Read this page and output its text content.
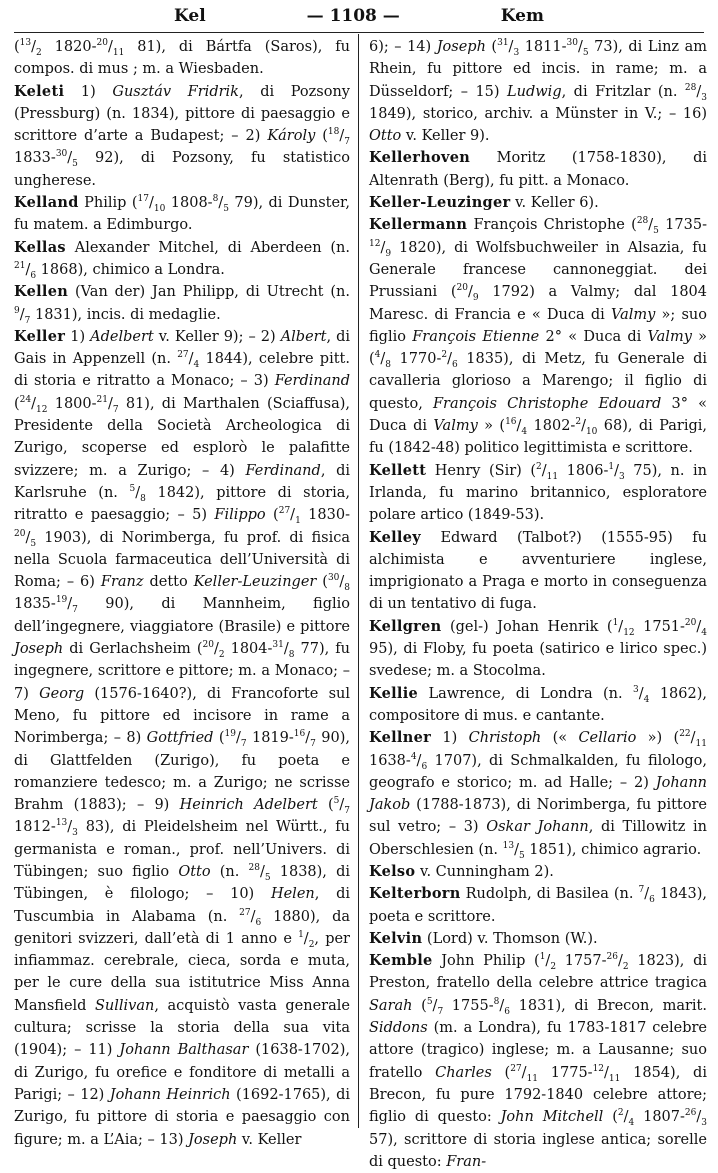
Kel	— 1108 —	Kem

($^{13}/_2$ $1820-^{20}/_{11}$ 81), di Bártfa (Saros), fu compos. di mus ; m. a Wiesbaden.

Keleti 1) Gusztáv Fridrik, di Pozsony (Pressburg) (n. 1834), pittore di paesaggio e scrittore d’arte a Budapest; – 2) Károly ($^{18}/_7$ $1833-^{30}/_5$ 92), di Pozsony, fu statistico ungherese.

Kelland Philip ($^{17}/_{10}$ $1808-^8/_5$ 79), di Dunster, fu matem. a Edimburgo.

Kellas Alexander Mitchel, di Aberdeen (n. $^{21}/_6$ 1868), chimico a Londra.

Kellen (Van der) Jan Philipp, di Utrecht (n. $^9/_7$ 1831), incis. di medaglie.

Keller 1) Adelbert v. Keller 9); – 2) Albert, di Gais in Appenzell (n. $^{27}/_4$ 1844), celebre pitt. di storia e ritratto a Monaco; – 3) Ferdinand ($^{24}/_{12}$ $1800-^{21}/_7$ 81), di Marthalen (Sciaffusa), Presidente della Società Archeologica di Zurigo, scoperse ed esplorò le palafitte svizzere; m. a Zurigo; – 4) Ferdinand, di Karlsruhe (n. $^5/_8$ 1842), pittore di storia, ritratto e paesaggio; – 5) Filippo ($^{27}/_1$ $1830-^{20}/_5$ 1903), di Norimberga, fu prof. di fisica nella Scuola farmaceutica dell’Università di Roma; – 6) Franz detto Keller-Leuzinger ($^{30}/_8$ $1835-^{19}/_7$ 90), di Mannheim, figlio dell’ingegnere, viaggiatore (Brasile) e pittore Joseph di Gerlachsheim ($^{20}/_2$ $1804-^{31}/_8$ 77), fu ingegnere, scrittore e pittore; m. a Monaco; – 7) Georg (1576-1640?), di Francoforte sul Meno, fu pittore ed incisore in rame a Norimberga; – 8) Gottfried ($^{19}/_7$ $1819-^{16}/_7$ 90), di Glattfelden (Zurigo), fu poeta e romanziere tedesco; m. a Zurigo; ne scrisse Brahm (1883); – 9) Heinrich Adelbert ($^5/_7$ $1812-^{13}/_3$ 83), di Pleidelsheim nel Württ., fu germanista e roman., prof. nell’Univers. di Tübingen; suo figlio Otto (n. $^{28}/_5$ 1838), di Tübingen, è filologo; – 10) Helen, di Tuscumbia in Alabama (n. $^{27}/_6$ 1880), da genitori svizzeri, dall’età di 1 anno e $^1/_2$, per infiammaz. cerebrale, cieca, sorda e muta, per le cure della sua istitutrice Miss Anna Mansfield Sullivan, acquistò vasta generale cultura; scrisse la storia della sua vita (1904); – 11) Johann Balthasar (1638-1702), di Zurigo, fu orefice e fonditore di metalli a Parigi; – 12) Johann Heinrich (1692-1765), di Zurigo, fu pittore di storia e paesaggio con figure; m. a L’Aia; – 13) Joseph v. Keller

6); – 14) Joseph ($^{31}/_3$ $1811-^{30}/_5$ 73), di Linz am Rhein, fu pittore ed incis. in rame; m. a Düsseldorf; – 15) Ludwig, di Fritzlar (n. $^{28}/_3$ 1849), storico, archiv. a Münster in V.; – 16) Otto v. Keller 9).

Kellerhoven Moritz (1758-1830), di Altenrath (Berg), fu pitt. a Monaco.

Keller-Leuzinger v. Keller 6).

Kellermann François Christophe ($^{28}/_5$ $1735-^{12}/_9$ 1820), di Wolfsbuchweiler in Alsazia, fu Generale francese cannoneggiat. dei Prussiani ($^{20}/_9$ 1792) a Valmy; dal 1804 Maresc. di Francia e « Duca di Valmy »; suo figlio François Etienne 2° « Duca di Valmy » ($^4/_8$ $1770-^2/_6$ 1835), di Metz, fu Generale di cavalleria glorioso a Marengo; il figlio di questo, François Christophe Edouard 3° « Duca di Valmy » ($^{16}/_4$ $1802-^2/_{10}$ 68), di Parigi, fu (1842-48) politico legittimista e scrittore.

Kellett Henry (Sir) ($^2/_{11}$ $1806-^1/_3$ 75), n. in Irlanda, fu marino britannico, esploratore polare artico (1849-53).

Kelley Edward (Talbot?) (1555-95) fu alchimista e avventuriere inglese, imprigionato a Praga e morto in conseguenza di un tentativo di fuga.

Kellgren (gel-) Johan Henrik ($^1/_{12}$ $1751-^{20}/_4$ 95), di Floby, fu poeta (satirico e lirico spec.) svedese; m. a Stocolma.

Kellie Lawrence, di Londra (n. $^3/_4$ 1862), compositore di mus. e cantante.

Kellner 1) Christoph (« Cellario ») ($^{22}/_{11}$ $1638-^4/_6$ 1707), di Schmalkalden, fu filologo, geografo e storico; m. ad Halle; – 2) Johann Jakob (1788-1873), di Norimberga, fu pittore sul vetro; – 3) Oskar Johann, di Tillowitz in Oberschlesien (n. $^{13}/_5$ 1851), chimico agrario.

Kelso v. Cunningham 2).

Kelterborn Rudolph, di Basilea (n. $^7/_6$ 1843), poeta e scrittore.

Kelvin (Lord) v. Thomson (W.).

Kemble John Philip ($^1/_2$ $1757-^{26}/_2$ 1823), di Preston, fratello della celebre attrice tragica Sarah ($^5/_7$ $1755-^8/_6$ 1831), di Brecon, marit. Siddons (m. a Londra), fu 1783-1817 celebre attore (tragico) inglese; m. a Lausanne; suo fratello Charles ($^{27}/_{11}$ $1775-^{12}/_{11}$ 1854), di Brecon, fu pure 1792-1840 celebre attore; figlio di questo: John Mitchell ($^2/_4$ $1807-^{26}/_3$ 57), scrittore di storia inglese antica; sorelle di questo: Fran-
